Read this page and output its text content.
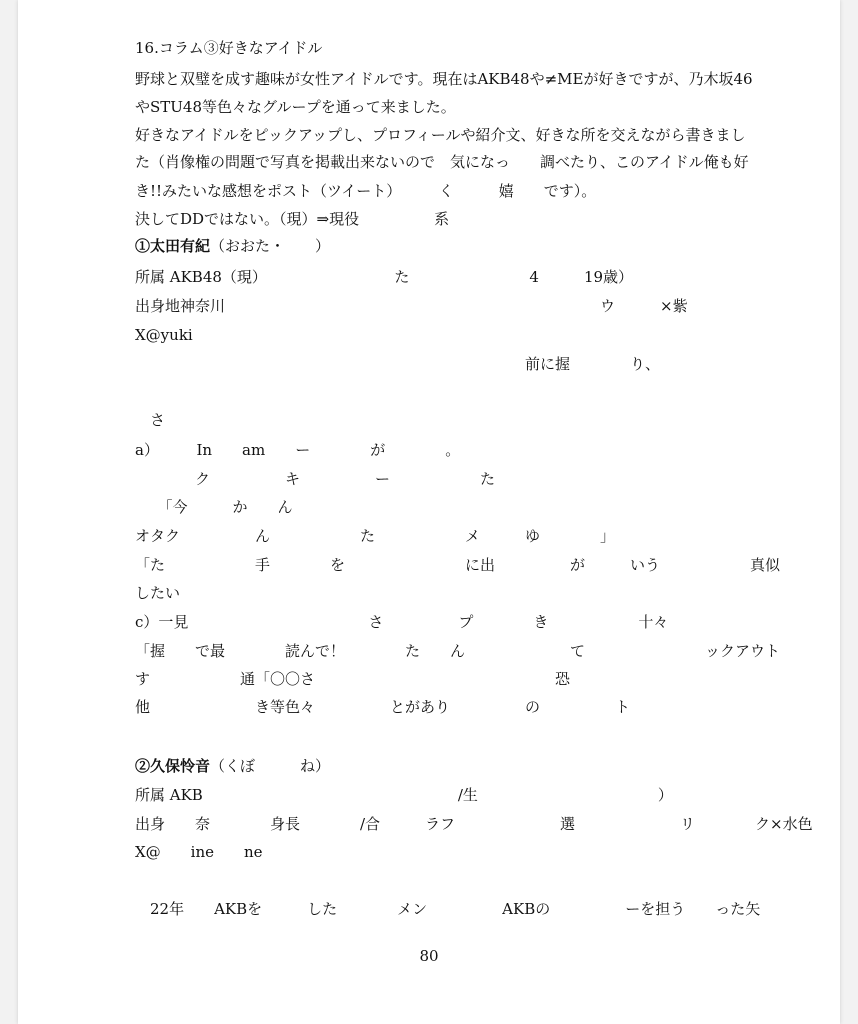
16.コラム③好きなアイドル
野球と双璧を成す趣味が女性アイドルです。現在はAKB48や≠MEが好きですが、乃木坂46
やSTU48等色々なグループを通って来ました。
好きなアイドルをピックアップし、プロフィールや紹介文、好きな所を交えながら書きまし
た（肖像権の問題で写真を掲載出来ないので　気になっ　　調べたり、このアイドル俺も好
き!!みたいな感想をポスト（ツイート）　　　く　　　嬉　　です）。
決してDDではない。（現）⇒現役　　　　　系
①太田有紀（おおた・　　）
所属 AKB48（現）　　　　　　　　　た　　　　　　　　4　　　19歳）
出身地神奈川　　　　　　　　　　　　　　　　　　　　　　　　　ウ　　　×紫
X@yuki
　　　　　　　　　　　　　　　　　　　　　　　　　　前に握　　　　り、

　さ
a）　　　In　　am　　ー　　　　が　　　　。
　　　　ク　　　　　キ　　　　　ー　　　　　　た　　
　　「今　　　か　　ん
オタク　　　　　ん　　　　　　た　　　　　　メ　　　ゆ　　　　」
「た　　　　　　手　　　　を　　　　　　　　に出　　　　　が　　　いう　　　　　　真似
したい
c）一見　　　　　　　　　　　　さ　　　　　プ　　　　き　　　　　　十々
「握　　で最　　　　読んで！　　　　た　　ん　　　　　　　て　　　　　　　　ックアウト
す　　　　　　通「〇〇さ　　　　　　　　　　　　　　　　恐　
他　　　　　　　き等色々　　　　　とがあり　　　　　の　　　　　ト
②久保怜音（くぼ　　　ね）
所属 AKB　　　　　　　　　　　　　　　　　/生　　　　　　　　　　　　）
出身　　奈　　　　身長　　　　/合　　　ラフ　　　　　　　選　　　　　　　リ　　　　ク×水色
X@　　ine　　ne
　22年　　AKBを　　　した　　　　メン　　　　　AKBの　　　　　ーを担う　　った矢
80
